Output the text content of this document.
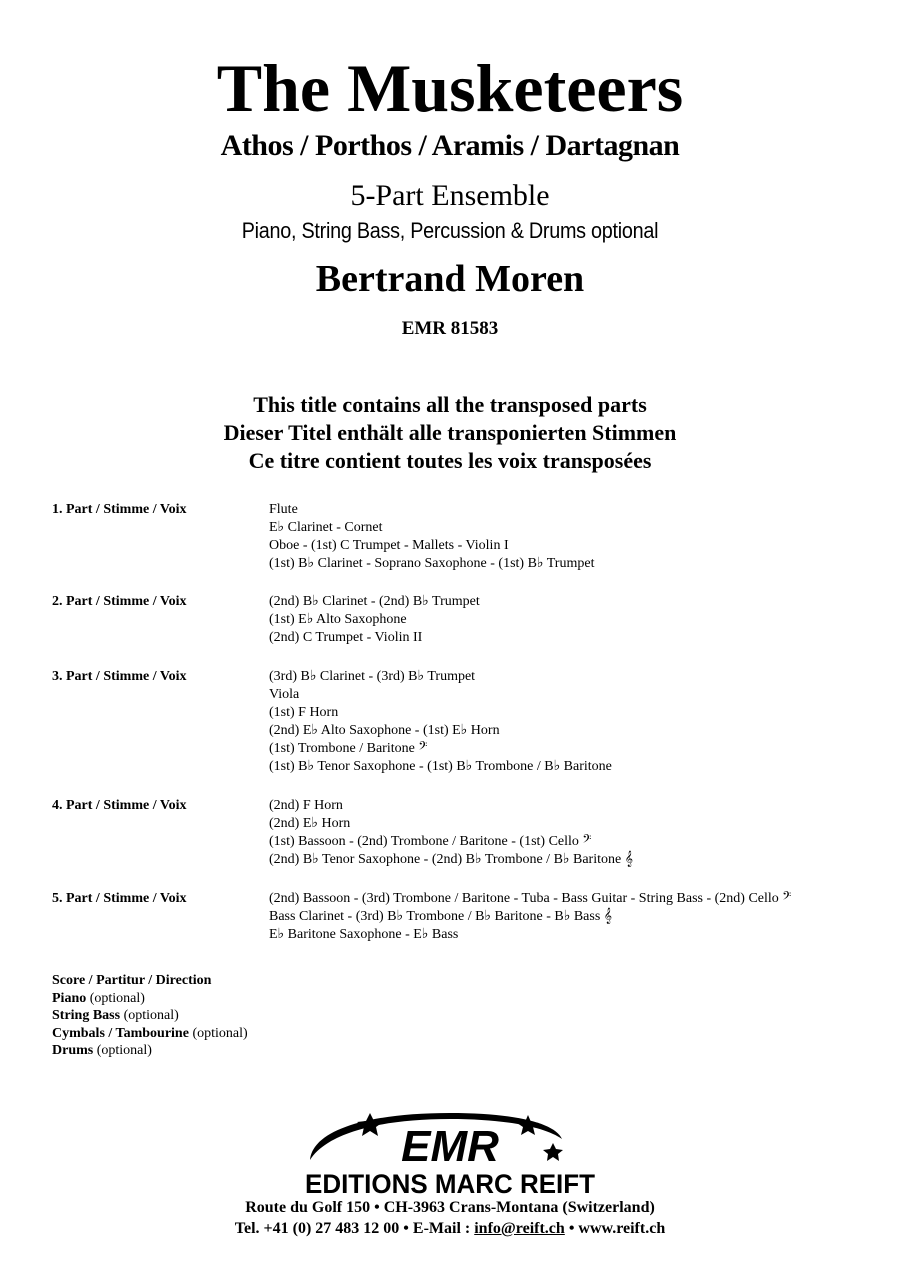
The Musketeers
Athos / Porthos / Aramis / Dartagnan
5-Part Ensemble
Piano, String Bass, Percussion & Drums optional
Bertrand Moren
EMR 81583
This title contains all the transposed parts
Dieser Titel enthält alle transponierten Stimmen
Ce titre contient toutes les voix transposées
1. Part / Stimme / Voix	Flute
E♭ Clarinet - Cornet
Oboe - (1st) C Trumpet - Mallets - Violin I
(1st) B♭ Clarinet - Soprano Saxophone - (1st) B♭ Trumpet
2. Part / Stimme / Voix	(2nd) B♭ Clarinet - (2nd) B♭ Trumpet
(1st) E♭ Alto Saxophone
(2nd) C Trumpet - Violin II
3. Part / Stimme / Voix	(3rd) B♭ Clarinet - (3rd) B♭ Trumpet
Viola
(1st) F Horn
(2nd) E♭ Alto Saxophone - (1st) E♭ Horn
(1st) Trombone / Baritone 𝄢
(1st) B♭ Tenor Saxophone - (1st) B♭ Trombone / B♭ Baritone
4. Part / Stimme / Voix	(2nd) F Horn
(2nd) E♭ Horn
(1st) Bassoon - (2nd) Trombone / Baritone - (1st) Cello 𝄢
(2nd) B♭ Tenor Saxophone - (2nd) B♭ Trombone / B♭ Baritone 𝄞
5. Part / Stimme / Voix	(2nd) Bassoon - (3rd) Trombone / Baritone - Tuba - Bass Guitar - String Bass - (2nd) Cello 𝄢
Bass Clarinet - (3rd) B♭ Trombone / B♭ Baritone - B♭ Bass 𝄞
E♭ Baritone Saxophone - E♭ Bass
Score / Partitur / Direction
Piano (optional)
String Bass (optional)
Cymbals / Tambourine (optional)
Drums (optional)
EMR
EDITIONS MARC REIFT
Route du Golf 150 • CH-3963 Crans-Montana (Switzerland)
Tel. +41 (0) 27 483 12 00 • E-Mail : info@reift.ch • www.reift.ch
